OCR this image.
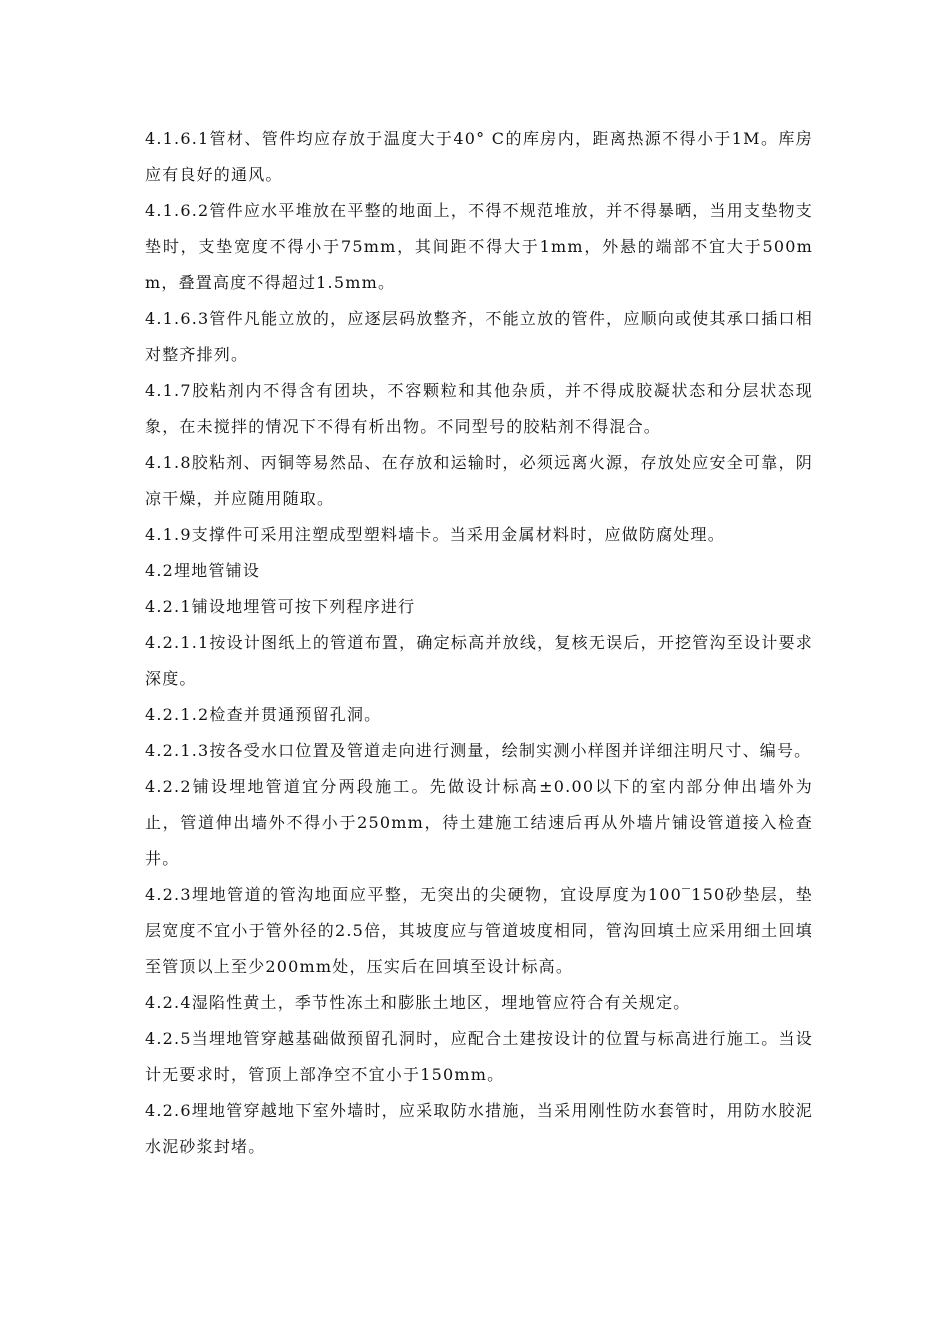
4.1.6.1管材、管件均应存放于温度大于40° C的库房内，距离热源不得小于1M。库房应有良好的通风。

4.1.6.2管件应水平堆放在平整的地面上，不得不规范堆放，并不得暴晒，当用支垫物支垫时，支垫宽度不得小于75mm，其间距不得大于1mm，外悬的端部不宜大于500mm，叠置高度不得超过1.5mm。

4.1.6.3管件凡能立放的，应逐层码放整齐，不能立放的管件，应顺向或使其承口插口相对整齐排列。

4.1.7胶粘剂内不得含有团块，不容颗粒和其他杂质，并不得成胶凝状态和分层状态现象，在未搅拌的情况下不得有析出物。不同型号的胶粘剂不得混合。

4.1.8胶粘剂、丙铜等易然品、在存放和运输时，必须远离火源，存放处应安全可靠，阴凉干燥，并应随用随取。

4.1.9支撑件可采用注塑成型塑料墙卡。当采用金属材料时，应做防腐处理。

4.2埋地管铺设

4.2.1铺设地埋管可按下列程序进行

4.2.1.1按设计图纸上的管道布置，确定标高并放线，复核无误后，开挖管沟至设计要求深度。

4.2.1.2检查并贯通预留孔洞。

4.2.1.3按各受水口位置及管道走向进行测量，绘制实测小样图并详细注明尺寸、编号。

4.2.2铺设埋地管道宜分两段施工。先做设计标高±0.00以下的室内部分伸出墙外为止，管道伸出墙外不得小于250mm，待土建施工结速后再从外墙片铺设管道接入检查井。

4.2.3埋地管道的管沟地面应平整，无突出的尖硬物，宜设厚度为100‾150砂垫层，垫层宽度不宜小于管外径的2.5倍，其坡度应与管道坡度相同，管沟回填土应采用细土回填至管顶以上至少200mm处，压实后在回填至设计标高。

4.2.4湿陷性黄土，季节性冻土和膨胀土地区，埋地管应符合有关规定。

4.2.5当埋地管穿越基础做预留孔洞时，应配合土建按设计的位置与标高进行施工。当设计无要求时，管顶上部净空不宜小于150mm。

4.2.6埋地管穿越地下室外墙时，应采取防水措施，当采用刚性防水套管时，用防水胶泥水泥砂浆封堵。
